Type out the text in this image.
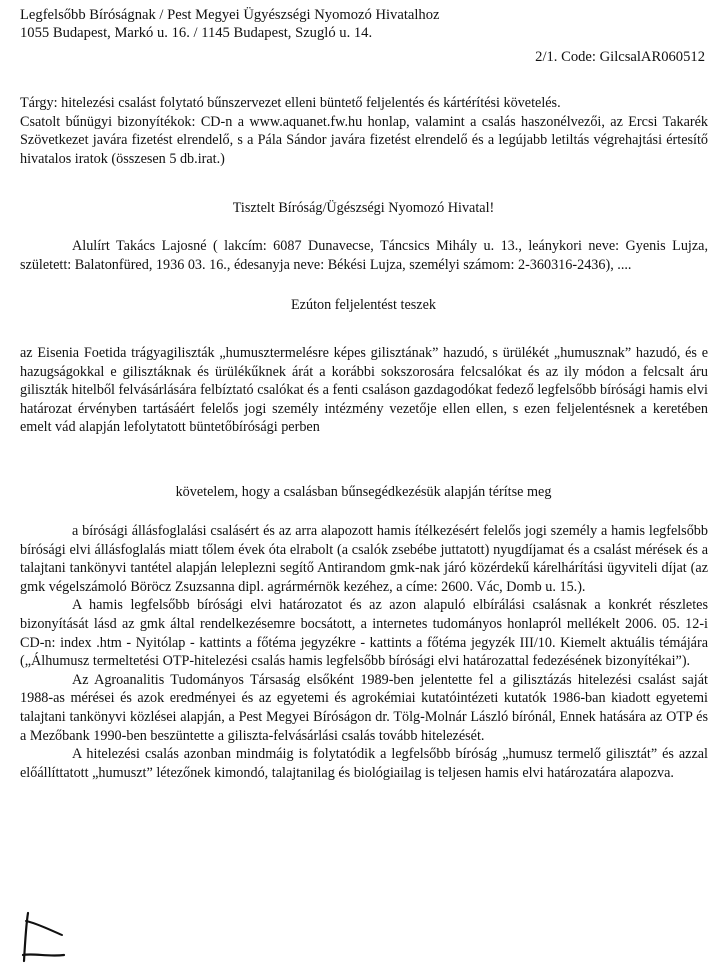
Legfelsőbb Bíróságnak / Pest Megyei Ügyészségi Nyomozó Hivatalhoz
1055 Budapest, Markó u. 16. / 1145 Budapest, Szugló u. 14.
2/1. Code: GilcsalAR060512

Tárgy: hitelezési csalást folytató bűnszervezet elleni büntető feljelentés és kártérítési követelés.

Csatolt bűnügyi bizonyítékok: CD-n a www.aquanet.fw.hu honlap, valamint a csalás haszonélvezői, az Ercsi Takarék Szövetkezet javára fizetést elrendelő, s a Pála Sándor javára fizetést elrendelő és a legújabb letiltás végrehajtási értesítő hivatalos iratok (összesen 5 db.irat.)

Tisztelt Bíróság/Ügészségi Nyomozó Hivatal!

Alulírt Takács Lajosné ( lakcím: 6087 Dunavecse, Táncsics Mihály u. 13., leánykori neve: Gyenis Lujza, született: Balatonfüred, 1936 03. 16., édesanyja neve: Békési Lujza, személyi számom: 2-360316-2436), ....

Ezúton feljelentést teszek

az Eisenia Foetida trágyagiliszták „humusztermelésre képes gilisztának” hazudó, s ürülékét „humusznak” hazudó, és e hazugságokkal e gilisztáknak és ürülékűknek árát a korábbi sokszorosára felcsalókat és az ily módon a felcsalt áru giliszták hitelből felvásárlására felbíztató csalókat és a fenti csaláson gazdagodókat fedező legfelsőbb bírósági hamis elvi határozat érvényben tartásáért felelős jogi személy intézmény vezetője ellen ellen, s ezen feljelentésnek a keretében emelt vád alapján lefolytatott büntetőbírósági perben

követelem, hogy a csalásban bűnsegédkezésük alapján térítse meg

a bírósági állásfoglalási csalásért és az arra alapozott hamis ítélkezésért felelős jogi személy a hamis legfelsőbb bírósági elvi állásfoglalás miatt tőlem évek óta elrabolt (a csalók zsebébe juttatott) nyugdíjamat és a csalást mérések és a talajtani tankönyvi tantétel alapján leleplezni segítő Antirandom gmk-nak járó közérdekű kárelhárítási ügyviteli díjat (az gmk végelszámoló Böröcz Zsuzsanna dipl. agrármérnök kezéhez, a címe: 2600. Vác, Domb u. 15.).

A hamis legfelsőbb bírósági elvi határozatot és az azon alapuló elbírálási csalásnak a konkrét részletes bizonyítását lásd az gmk által rendelkezésemre bocsátott, a internetes tudományos honlapról mellékelt 2006. 05. 12-i CD-n: index .htm - Nyitólap - kattints a főtéma jegyzékre - kattints a főtéma jegyzék III/10. Kiemelt aktuális témájára („Álhumusz termeltetési OTP-hitelezési csalás hamis legfelsőbb bírósági elvi határozattal fedezésének bizonyítékai”).

Az Agroanalitis Tudományos Társaság elsőként 1989-ben jelentette fel a gilisztázás hitelezési csalást saját 1988-as mérései és azok eredményei és az egyetemi és agrokémiai kutatóintézeti kutatók 1986-ban kiadott egyetemi talajtani tankönyvi közlései alapján, a Pest Megyei Bíróságon dr. Tölg-Molnár László bírónál, Ennek hatására az OTP és a Mezőbank 1990-ben beszüntette a giliszta-felvásárlási csalás tovább hitelezését.

A hitelezési csalás azonban mindmáig is folytatódik a legfelsőbb bíróság „humusz termelő gilisztát” és azzal előállíttatott „humuszt” létezőnek kimondó, talajtanilag és biológiailag is teljesen hamis elvi határozatára alapozva.
